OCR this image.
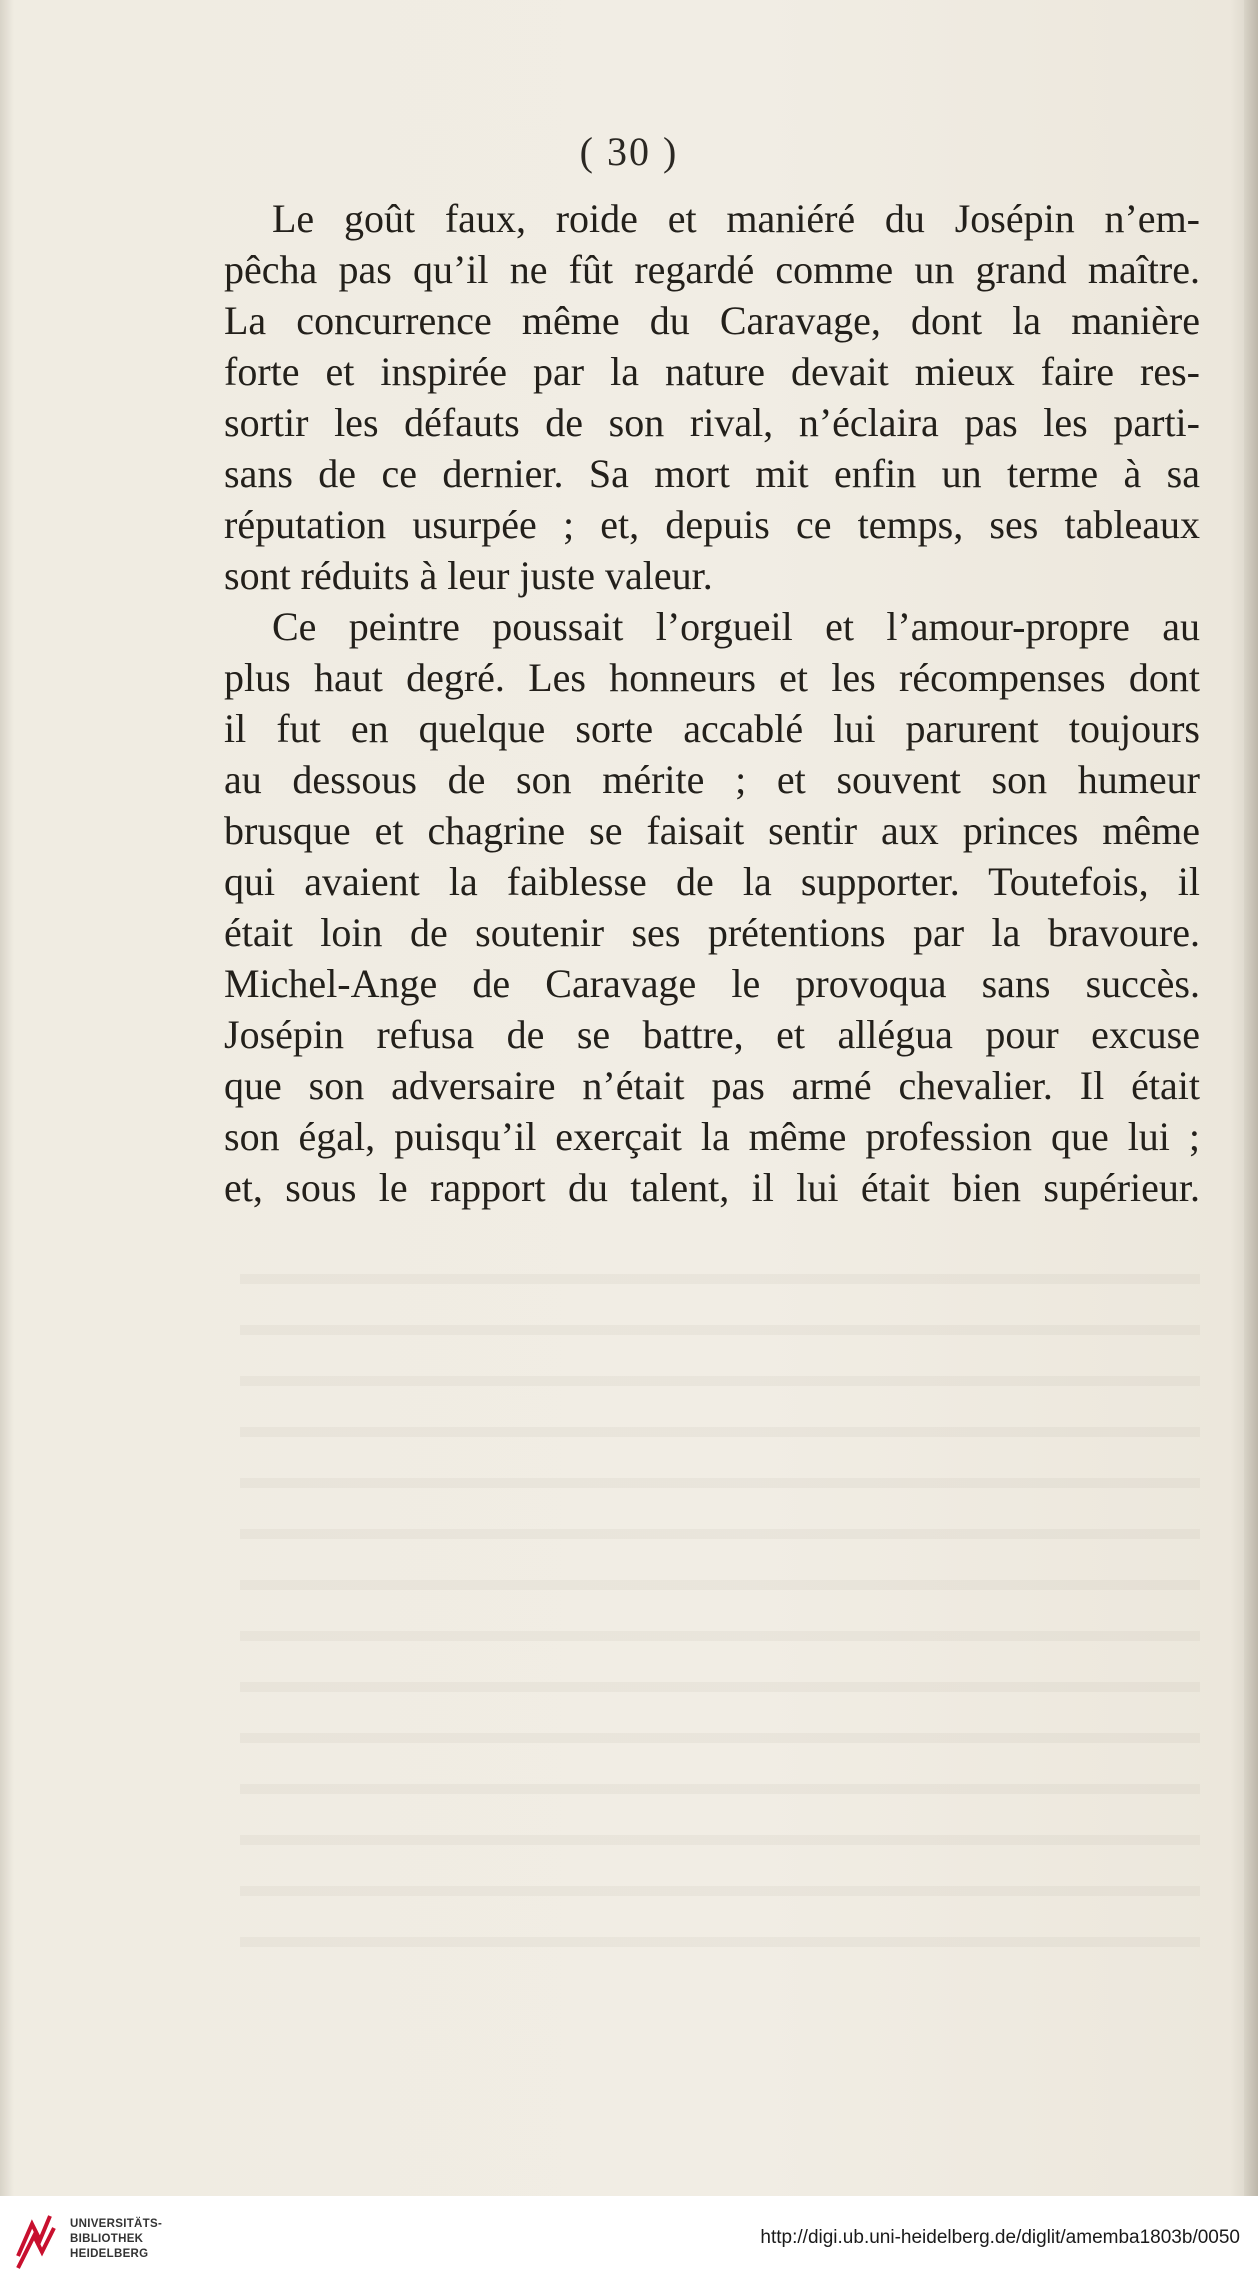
( 30 )
Le goût faux, roide et maniéré du Josépin n’em-
pêcha pas qu’il ne fût regardé comme un grand maître.
La concurrence même du Caravage, dont la manière
forte et inspirée par la nature devait mieux faire res-
sortir les défauts de son rival, n’éclaira pas les parti-
sans de ce dernier. Sa mort mit enfin un terme à sa
réputation usurpée ; et, depuis ce temps, ses tableaux
sont réduits à leur juste valeur.
Ce peintre poussait l’orgueil et l’amour-propre au
plus haut degré. Les honneurs et les récompenses dont
il fut en quelque sorte accablé lui parurent toujours
au dessous de son mérite ; et souvent son humeur
brusque et chagrine se faisait sentir aux princes même
qui avaient la faiblesse de la supporter. Toutefois, il
était loin de soutenir ses prétentions par la bravoure.
Michel-Ange de Caravage le provoqua sans succès.
Josépin refusa de se battre, et allégua pour excuse
que son adversaire n’était pas armé chevalier. Il était
son égal, puisqu’il exerçait la même profession que lui ;
et, sous le rapport du talent, il lui était bien supérieur.
UNIVERSITÄTS-
BIBLIOTHEK
HEIDELBERG
http://digi.ub.uni-heidelberg.de/diglit/amemba1803b/0050
